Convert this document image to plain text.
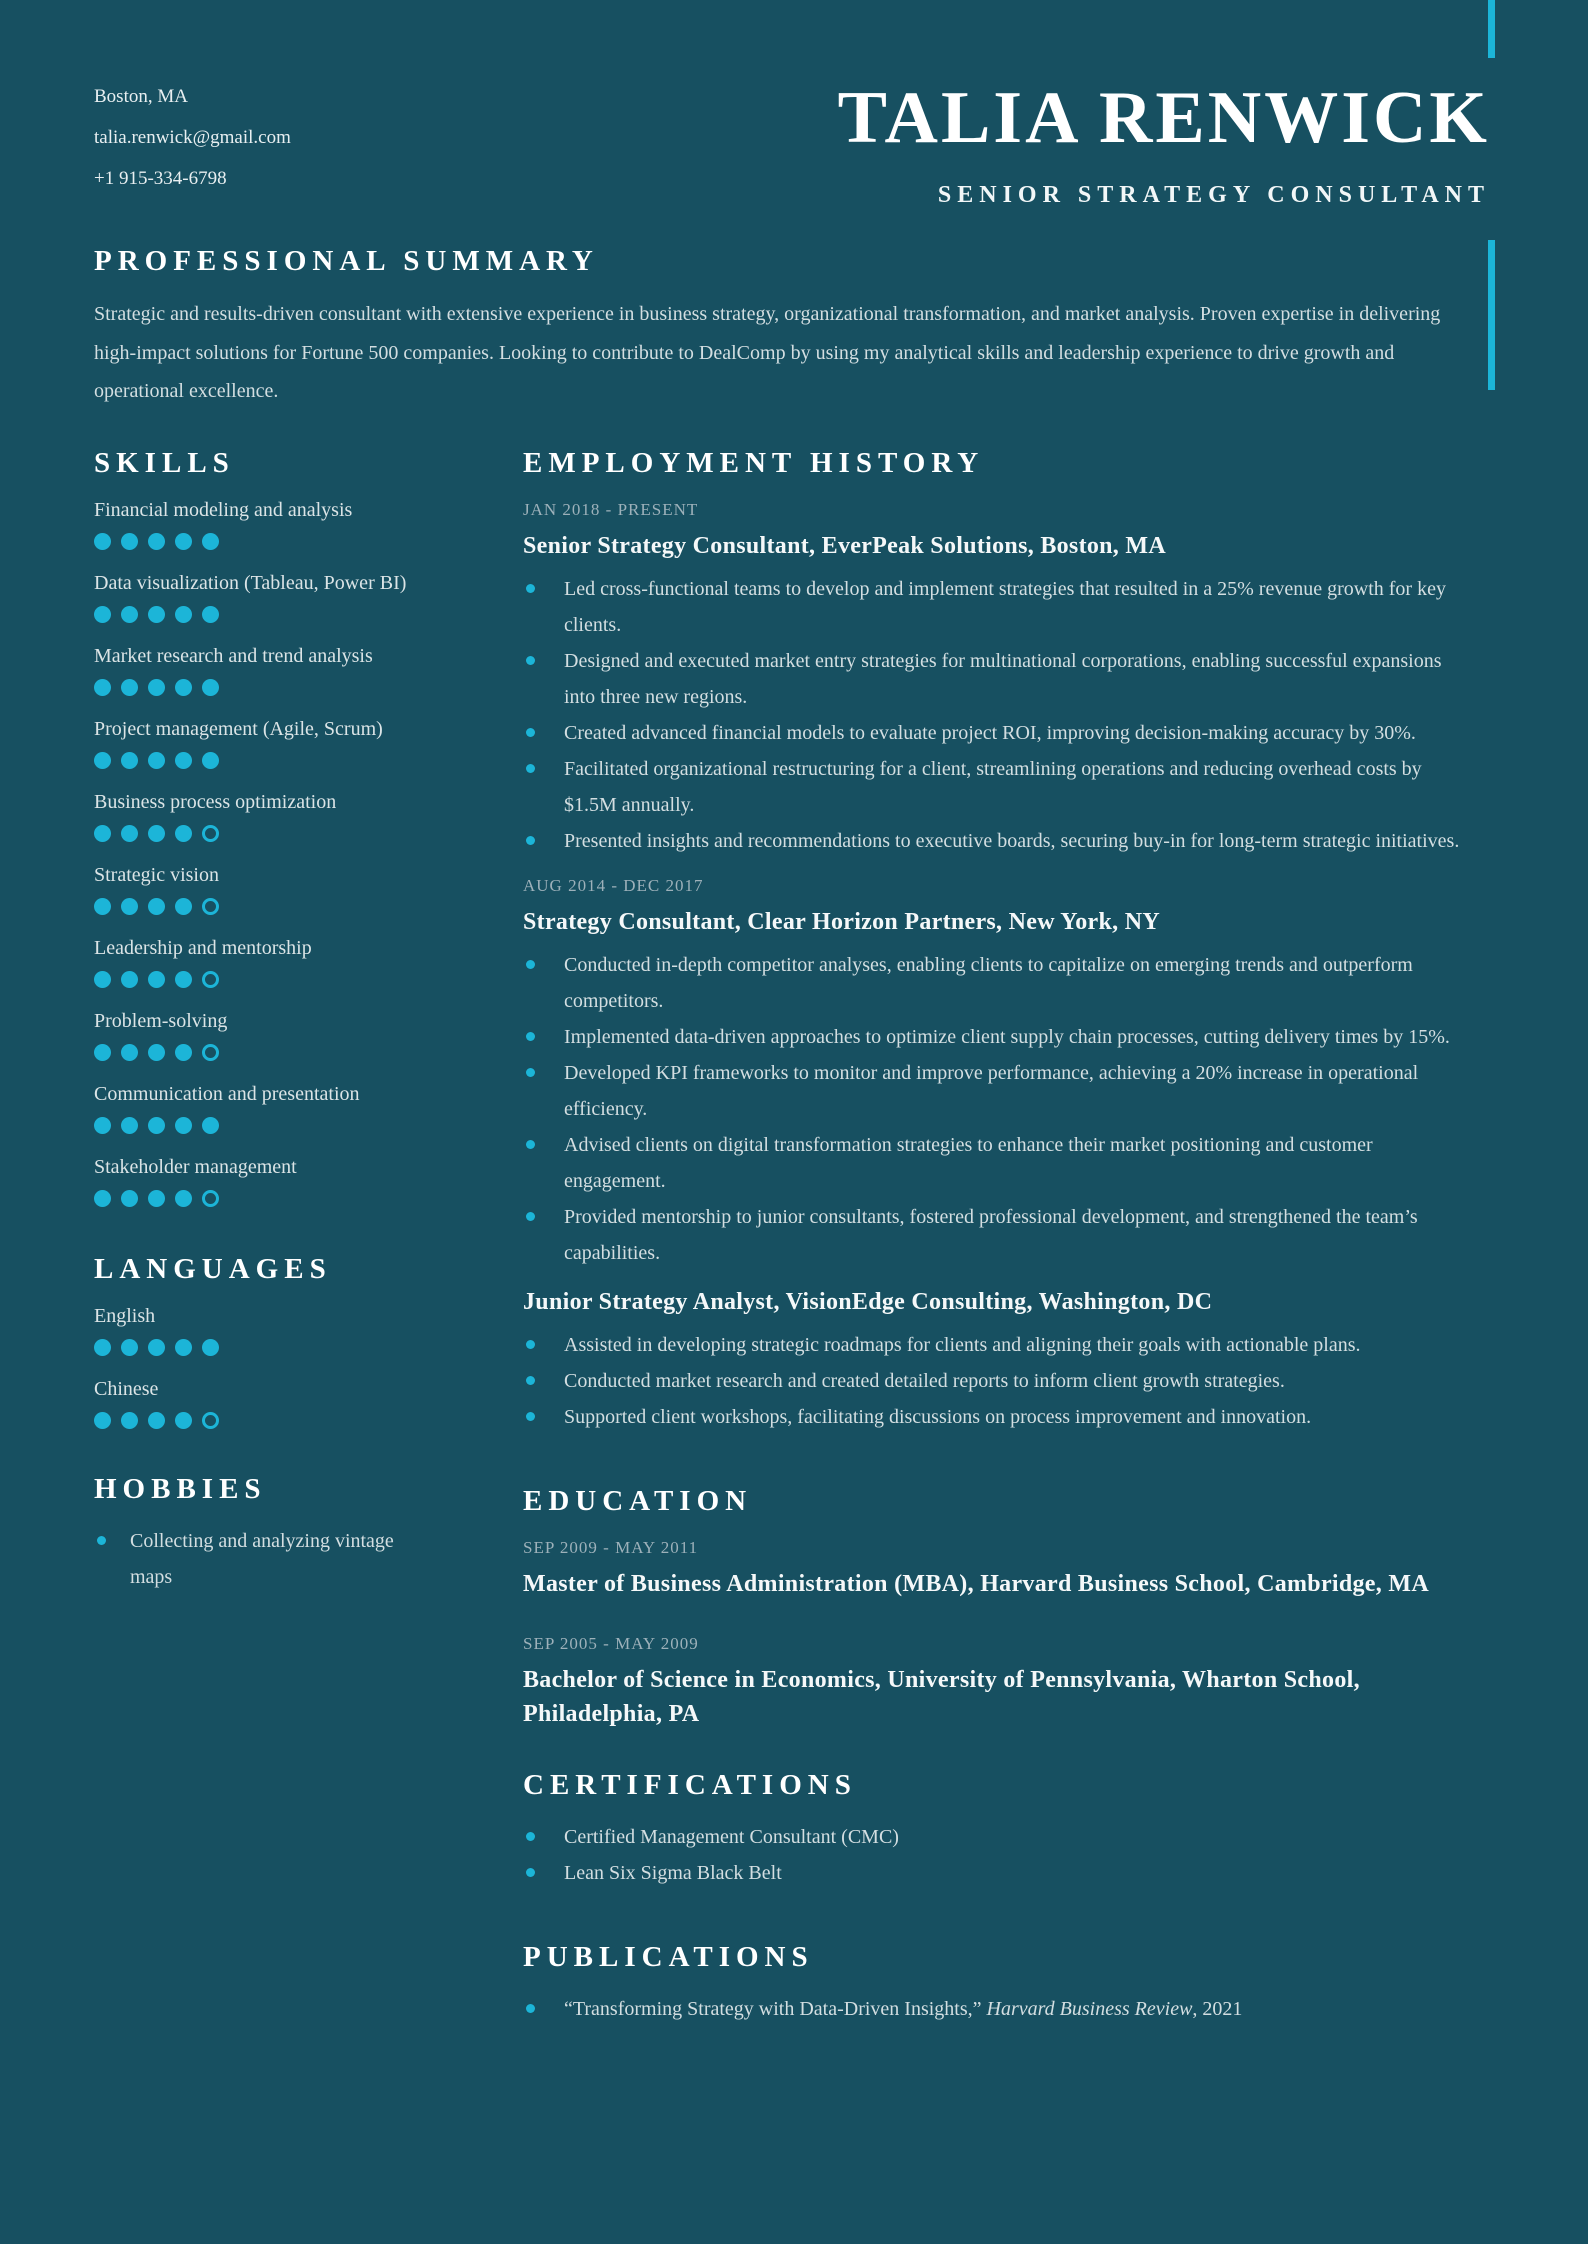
Boston, MA
talia.renwick@gmail.com
+1 915-334-6798
TALIA RENWICK
SENIOR STRATEGY CONSULTANT
PROFESSIONAL SUMMARY

Strategic and results-driven consultant with extensive experience in business strategy, organizational transformation, and market analysis. Proven expertise in delivering high-impact solutions for Fortune 500 companies. Looking to contribute to DealComp by using my analytical skills and leadership experience to drive growth and operational excellence.

SKILLS
Financial modeling and analysis
Data visualization (Tableau, Power BI)
Market research and trend analysis
Project management (Agile, Scrum)
Business process optimization
Strategic vision
Leadership and mentorship
Problem-solving
Communication and presentation
Stakeholder management
LANGUAGES
English
Chinese
HOBBIES
Collecting and analyzing vintage maps
EMPLOYMENT HISTORY
JAN 2018 - PRESENT
Senior Strategy Consultant, EverPeak Solutions, Boston, MA
Led cross-functional teams to develop and implement strategies that resulted in a 25% revenue growth for key clients.
Designed and executed market entry strategies for multinational corporations, enabling successful expansions into three new regions.
Created advanced financial models to evaluate project ROI, improving decision-making accuracy by 30%.
Facilitated organizational restructuring for a client, streamlining operations and reducing overhead costs by $1.5M annually.
Presented insights and recommendations to executive boards, securing buy-in for long-term strategic initiatives.
AUG 2014 - DEC 2017
Strategy Consultant, Clear Horizon Partners, New York, NY
Conducted in-depth competitor analyses, enabling clients to capitalize on emerging trends and outperform competitors.
Implemented data-driven approaches to optimize client supply chain processes, cutting delivery times by 15%.
Developed KPI frameworks to monitor and improve performance, achieving a 20% increase in operational efficiency.
Advised clients on digital transformation strategies to enhance their market positioning and customer engagement.
Provided mentorship to junior consultants, fostered professional development, and strengthened the team’s capabilities.
Junior Strategy Analyst, VisionEdge Consulting, Washington, DC
Assisted in developing strategic roadmaps for clients and aligning their goals with actionable plans.
Conducted market research and created detailed reports to inform client growth strategies.
Supported client workshops, facilitating discussions on process improvement and innovation.
EDUCATION
SEP 2009 - MAY 2011
Master of Business Administration (MBA), Harvard Business School, Cambridge, MA
SEP 2005 - MAY 2009
Bachelor of Science in Economics, University of Pennsylvania, Wharton School, Philadelphia, PA
CERTIFICATIONS
Certified Management Consultant (CMC)
Lean Six Sigma Black Belt
PUBLICATIONS
“Transforming Strategy with Data-Driven Insights,” Harvard Business Review, 2021
